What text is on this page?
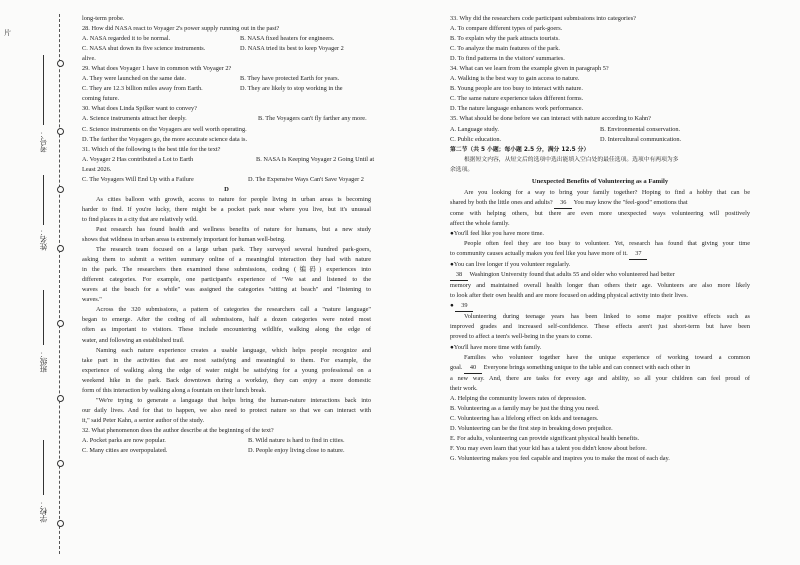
片
学校：
班级：
姓名：
考号：
long-term probe.
28. How did NASA react to Voyager 2's power supply running out in the past?
A. NASA regarded it to be normal.	B. NASA fixed heaters for engineers.
C. NASA shut down its five science instruments.	D. NASA tried its best to keep Voyager 2
alive.
29. What does Voyager 1 have in common with Voyager 2?
A. They were launched on the same date.	B. They have protected Earth for years.
C. They are 12.3 billion miles away from Earth.	D. They are likely to stop working in the
coming future.
30. What does Linda Spilker want to convey?
A. Science instruments attract her deeply.	B. The Voyagers can't fly farther any more.
C. Science instruments on the Voyagers are well worth operating.
D. The farther the Voyagers go, the more accurate science data is.
31. Which of the following is the best title for the text?
A. Voyager 2 Has contributed a Lot to Earth	B. NASA Is Keeping Voyager 2 Going Until at
Least 2026.
C. The Voyagers Will End Up with a Failure	D. The Expensive Ways Can't Save Voyager 2
D
As cities balloon with growth, access to nature for people living in urban areas is becoming
harder to find. If you're lucky, there might be a pocket park near where you live, but it's unusual
to find places in a city that are relatively wild.
Past research has found health and wellness benefits of nature for humans, but a new study
shows that wildness in urban areas is extremely important for human well-being.
The research team focused on a large urban park. They surveyed several hundred park-goers,
asking them to submit a written summary online of a meaningful interaction they had with nature
in the park. The researchers then examined these submissions, coding (编码) experiences into
different categories. For example, one participant's experience of "We sat and listened to the
waves at the beach for a while" was assigned the categories "sitting at beach" and "listening to
waves."
Across the 320 submissions, a pattern of categories the researchers call a "nature language"
began to emerge. After the coding of all submissions, half a dozen categories were noted most
often as important to visitors. These include encountering wildlife, walking along the edge of
water, and following an established trail.
Naming each nature experience creates a usable language, which helps people recognize and
take part in the activities that are most satisfying and meaningful to them. For example, the
experience of walking along the edge of water might be satisfying for a young professional on a
weekend hike in the park. Back downtown during a workday, they can enjoy a more domestic
form of this interaction by walking along a fountain on their lunch break.
"We're trying to generate a language that helps bring the human-nature interactions back into
our daily lives. And for that to happen, we also need to protect nature so that we can interact with
it," said Peter Kahn, a senior author of the study.
32. What phenomenon does the author describe at the beginning of the text?
A. Pocket parks are now popular.	B. Wild nature is hard to find in cities.
C. Many cities are overpopulated.	D. People enjoy living close to nature.
33. Why did the researchers code participant submissions into categories?
A. To compare different types of park-goers.
B. To explain why the park attracts tourists.
C. To analyze the main features of the park.
D. To find patterns in the visitors' summaries.
34. What can we learn from the example given in paragraph 5?
A. Walking is the best way to gain access to nature.
B. Young people are too busy to interact with nature.
C. The same nature experience takes different forms.
D. The nature language enhances work performance.
35. What should be done before we can interact with nature according to Kahn?
A. Language study.	B. Environmental conservation.
C. Public education.	D. Intercultural communication.
第二节（共 5 小题；每小题 2.5 分，满分 12.5 分）
根据短文内容，从短文后的选项中选出能填入空白处的最佳选项。选项中有两项为多
余选项。
Unexpected Benefits of Volunteering as a Family
Are you looking for a way to bring your family together? Hoping to find a hobby that can be
shared by both the little ones and adults? 36 You may know the "feel-good" emotions that
come with helping others, but there are even more unexpected ways volunteering will positively
affect the whole family.
●You'll feel like you have more time.
People often feel they are too busy to volunteer. Yet, research has found that giving your time
to community causes actually makes you feel like you have more of it. 37
●You can live longer if you volunteer regularly.
38 Washington University found that adults 55 and older who volunteered had better
memory and maintained overall health longer than others their age. Volunteers are also more likely
to look after their own health and are more focused on adding physical activity into their lives.
● 39
Volunteering during teenage years has been linked to some major positive effects such as
improved grades and increased self-confidence. These effects aren't just short-term but have been
proved to affect a teen's well-being in the years to come.
●You'll have more time with family.
Families who volunteer together have the unique experience of working toward a common
goal. 40 Everyone brings something unique to the table and can connect with each other in
a new way. And, there are tasks for every age and ability, so all your children can feel proud of
their work.
A. Helping the community lowers rates of depression.
B. Volunteering as a family may be just the thing you need.
C. Volunteering has a lifelong effect on kids and teenagers.
D. Volunteering can be the first step in breaking down prejudice.
E. For adults, volunteering can provide significant physical health benefits.
F. You may even learn that your kid has a talent you didn't know about before.
G. Volunteering makes you feel capable and inspires you to make the most of each day.
